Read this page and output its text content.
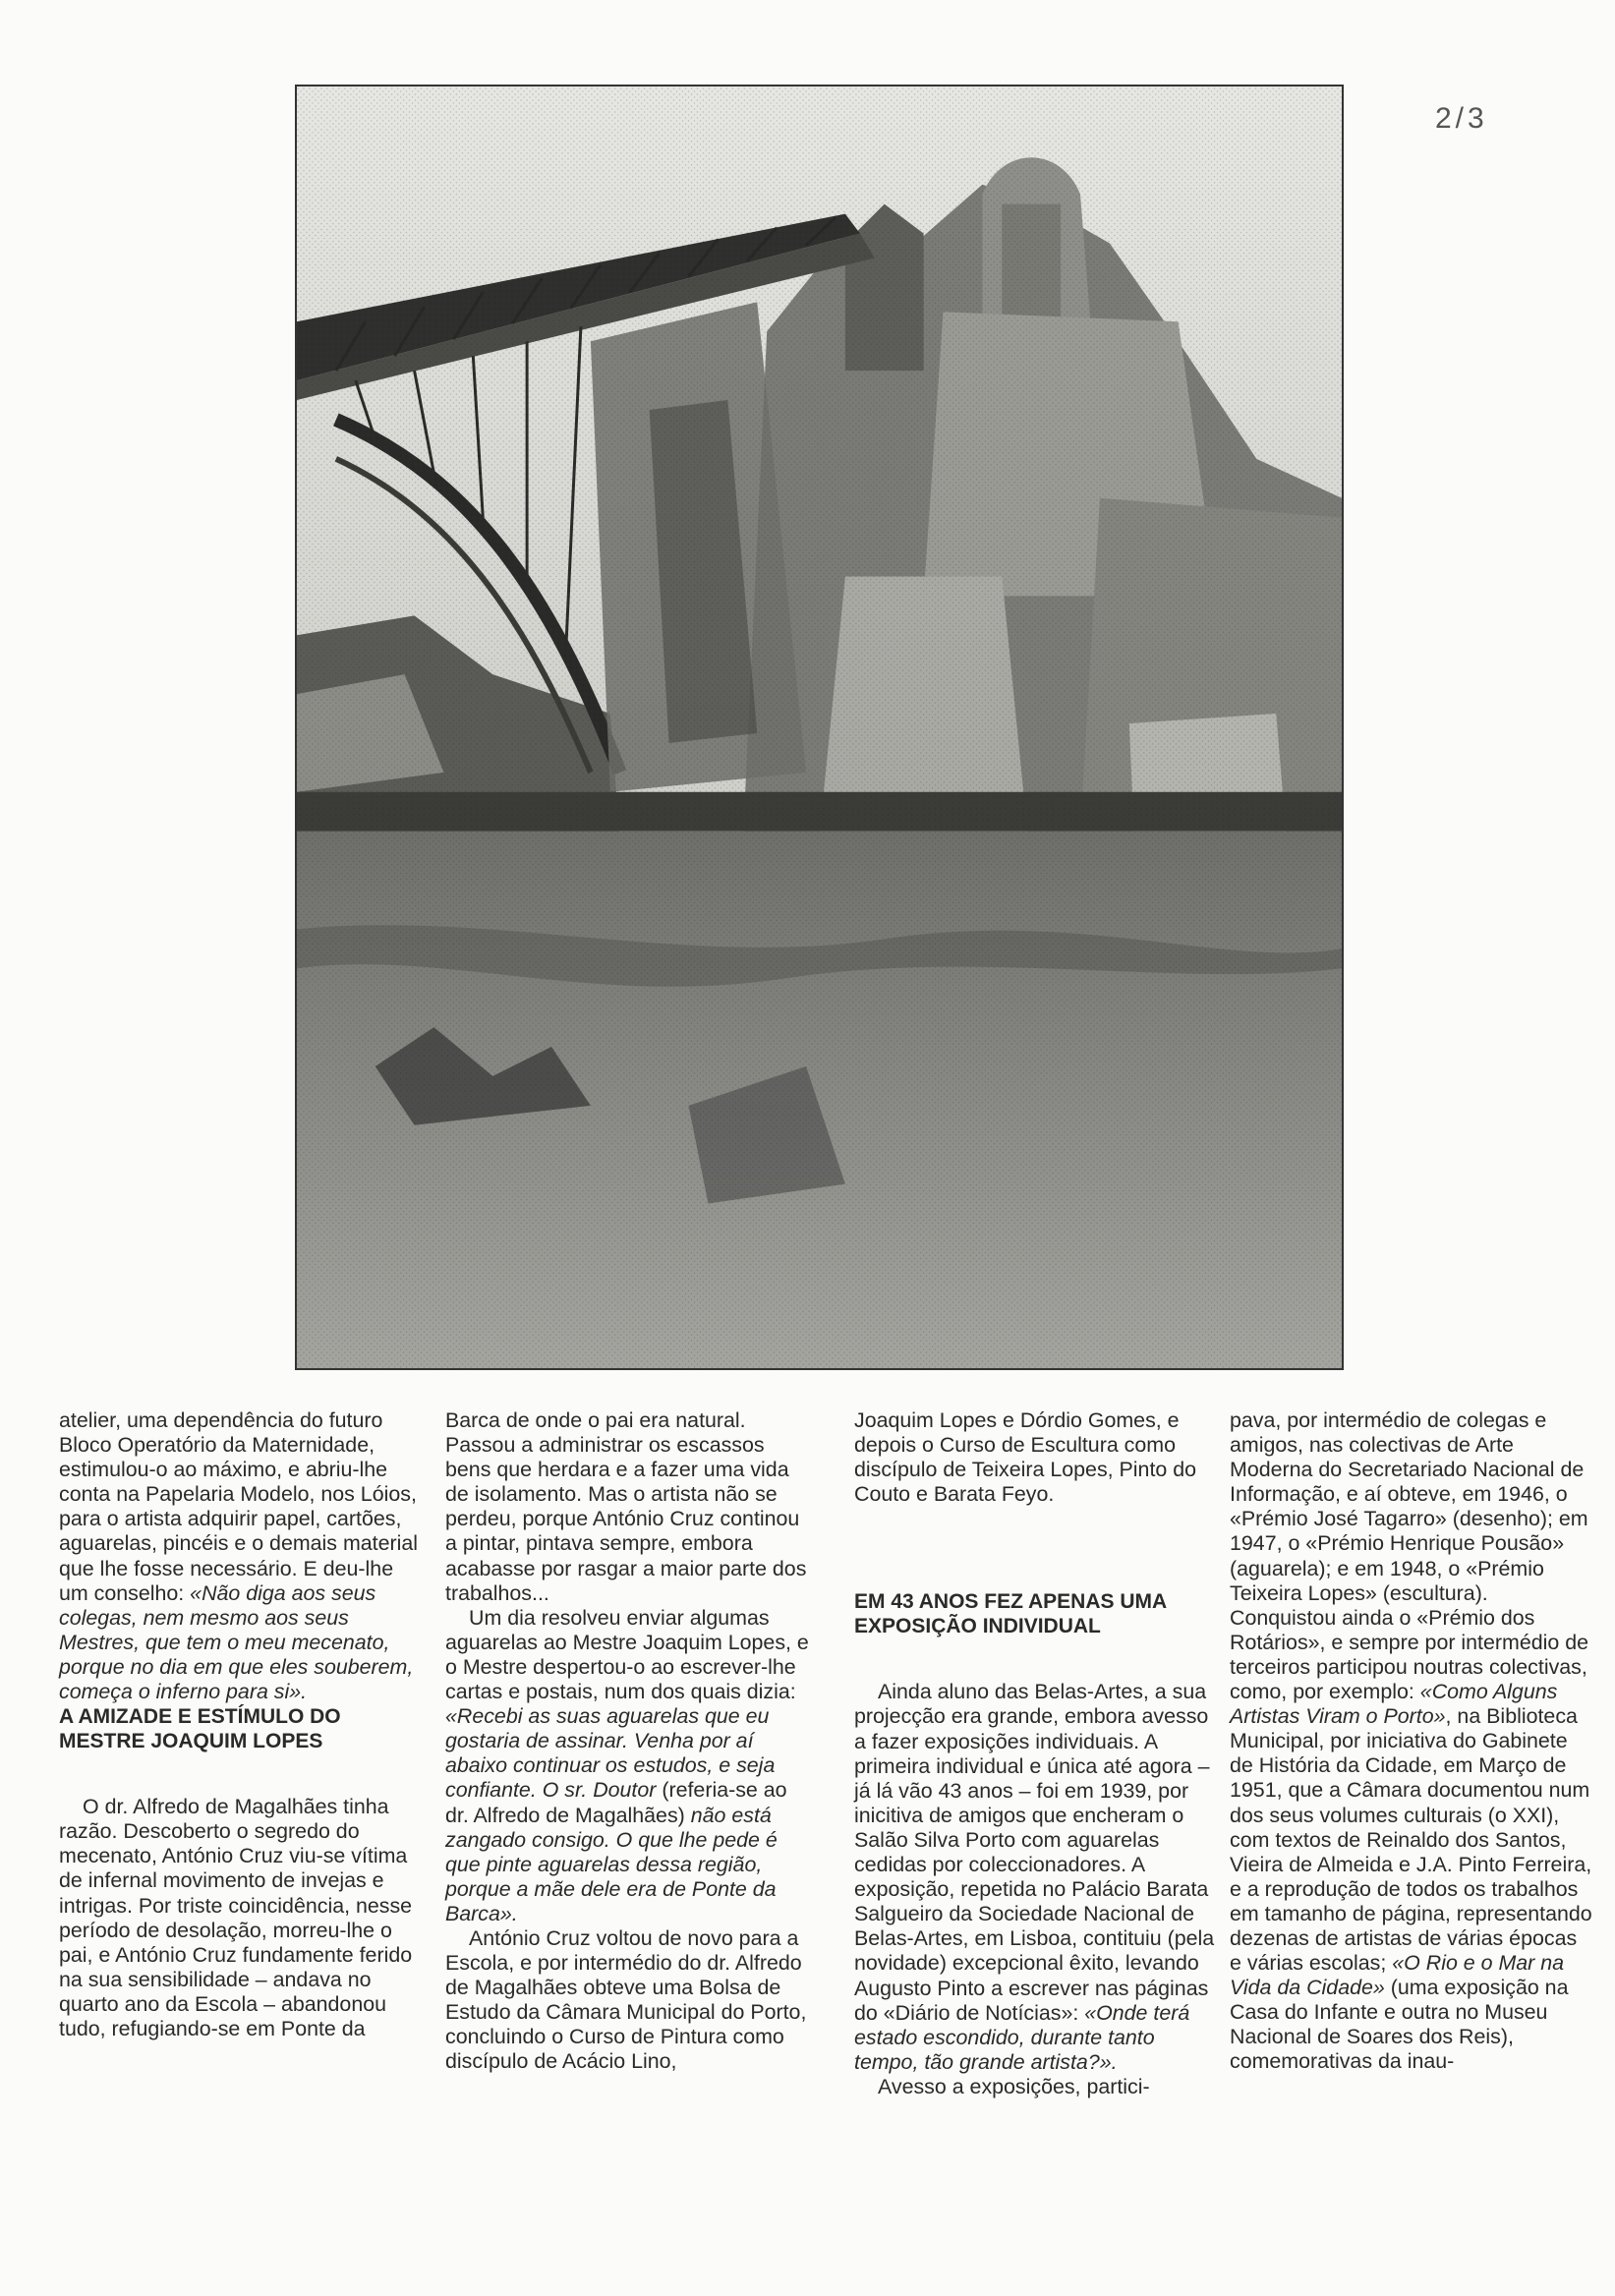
2/3

atelier, uma dependência do futuro Bloco Operatório da Maternidade, estimulou-o ao máximo, e abriu-lhe conta na Papelaria Modelo, nos Lóios, para o artista adquirir papel, cartões, aguarelas, pincéis e o demais material que lhe fosse necessário. E deu-lhe um conselho: «Não diga aos seus colegas, nem mesmo aos seus Mestres, que tem o meu mecenato, porque no dia em que eles souberem, começa o inferno para si».

A AMIZADE E ESTÍMULO DO MESTRE JOAQUIM LOPES

O dr. Alfredo de Magalhães tinha razão. Descoberto o segredo do mecenato, António Cruz viu-se vítima de infernal movimento de invejas e intrigas. Por triste coincidência, nesse período de desolação, morreu-lhe o pai, e António Cruz fundamente ferido na sua sensibilidade – andava no quarto ano da Escola – abandonou tudo, refugiando-se em Ponte da

Barca de onde o pai era natural. Passou a administrar os escassos bens que herdara e a fazer uma vida de isolamento. Mas o artista não se perdeu, porque António Cruz continou a pintar, pintava sempre, embora acabasse por rasgar a maior parte dos trabalhos...

Um dia resolveu enviar algumas aguarelas ao Mestre Joaquim Lopes, e o Mestre despertou-o ao escrever-lhe cartas e postais, num dos quais dizia: «Recebi as suas aguarelas que eu gostaria de assinar. Venha por aí abaixo continuar os estudos, e seja confiante. O sr. Doutor (referia-se ao dr. Alfredo de Magalhães) não está zangado consigo. O que lhe pede é que pinte aguarelas dessa região, porque a mãe dele era de Ponte da Barca».

António Cruz voltou de novo para a Escola, e por intermédio do dr. Alfredo de Magalhães obteve uma Bolsa de Estudo da Câmara Municipal do Porto, concluindo o Curso de Pintura como discípulo de Acácio Lino,

Joaquim Lopes e Dórdio Gomes, e depois o Curso de Escultura como discípulo de Teixeira Lopes, Pinto do Couto e Barata Feyo.

EM 43 ANOS FEZ APENAS UMA EXPOSIÇÃO INDIVIDUAL

Ainda aluno das Belas-Artes, a sua projecção era grande, embora avesso a fazer exposições individuais. A primeira individual e única até agora – já lá vão 43 anos – foi em 1939, por inicitiva de amigos que encheram o Salão Silva Porto com aguarelas cedidas por coleccionadores. A exposição, repetida no Palácio Barata Salgueiro da Sociedade Nacional de Belas-Artes, em Lisboa, contituiu (pela novidade) excepcional êxito, levando Augusto Pinto a escrever nas páginas do «Diário de Notícias»: «Onde terá estado escondido, durante tanto tempo, tão grande artista?».

Avesso a exposições, partici-

pava, por intermédio de colegas e amigos, nas colectivas de Arte Moderna do Secretariado Nacional de Informação, e aí obteve, em 1946, o «Prémio José Tagarro» (desenho); em 1947, o «Prémio Henrique Pousão» (aguarela); e em 1948, o «Prémio Teixeira Lopes» (escultura). Conquistou ainda o «Prémio dos Rotários», e sempre por intermédio de terceiros participou noutras colectivas, como, por exemplo: «Como Alguns Artistas Viram o Porto», na Biblioteca Municipal, por iniciativa do Gabinete de História da Cidade, em Março de 1951, que a Câmara documentou num dos seus volumes culturais (o XXI), com textos de Reinaldo dos Santos, Vieira de Almeida e J.A. Pinto Ferreira, e a reprodução de todos os trabalhos em tamanho de página, representando dezenas de artistas de várias épocas e várias escolas; «O Rio e o Mar na Vida da Cidade» (uma exposição na Casa do Infante e outra no Museu Nacional de Soares dos Reis), comemorativas da inau-
